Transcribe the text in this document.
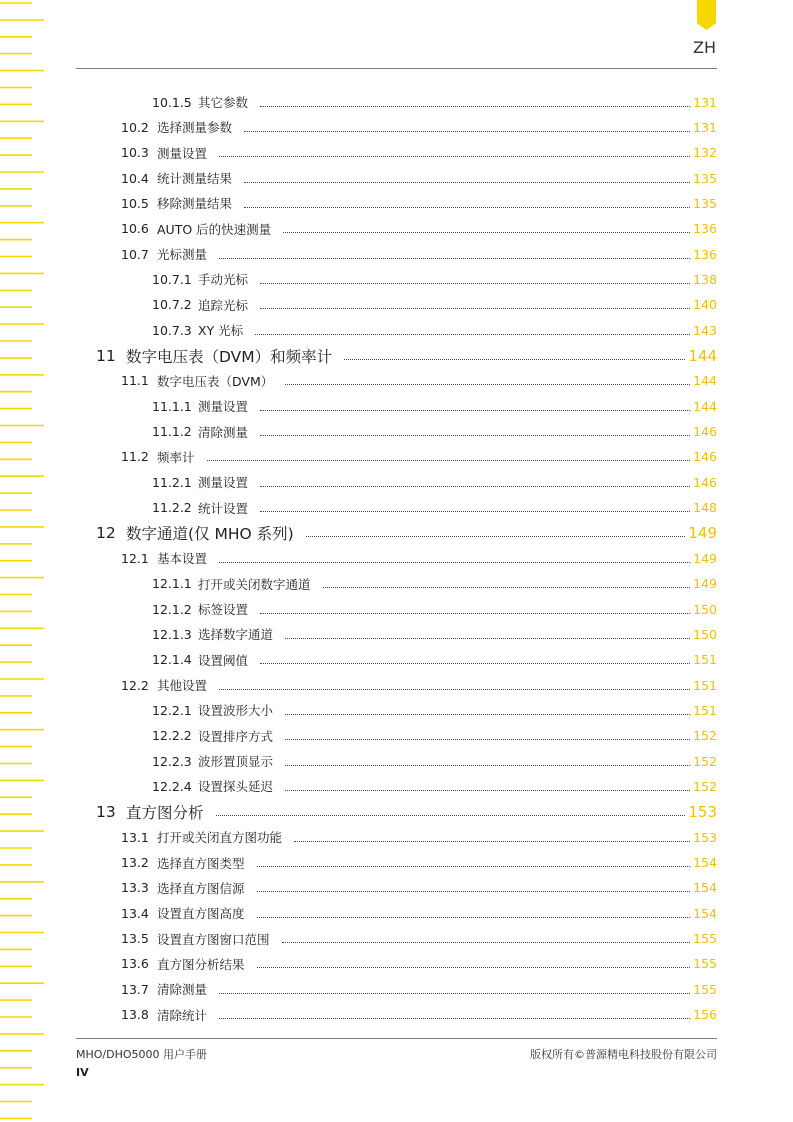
ZH
10.1.5 其它参数	131
10.2 选择测量参数	131
10.3 测量设置	132
10.4 统计测量结果	135
10.5 移除测量结果	135
10.6 AUTO 后的快速测量	136
10.7 光标测量	136
10.7.1 手动光标	138
10.7.2 追踪光标	140
10.7.3 XY 光标	143
11 数字电压表（DVM）和频率计	144
11.1 数字电压表（DVM）	144
11.1.1 测量设置	144
11.1.2 清除测量	146
11.2 频率计	146
11.2.1 测量设置	146
11.2.2 统计设置	148
12 数字通道(仅 MHO 系列)	149
12.1 基本设置	149
12.1.1 打开或关闭数字通道	149
12.1.2 标签设置	150
12.1.3 选择数字通道	150
12.1.4 设置阈值	151
12.2 其他设置	151
12.2.1 设置波形大小	151
12.2.2 设置排序方式	152
12.2.3 波形置顶显示	152
12.2.4 设置探头延迟	152
13 直方图分析	153
13.1 打开或关闭直方图功能	153
13.2 选择直方图类型	154
13.3 选择直方图信源	154
13.4 设置直方图高度	154
13.5 设置直方图窗口范围	155
13.6 直方图分析结果	155
13.7 清除测量	155
13.8 清除统计	156
MHO/DHO5000 用户手册	版权所有©普源精电科技股份有限公司
IV
